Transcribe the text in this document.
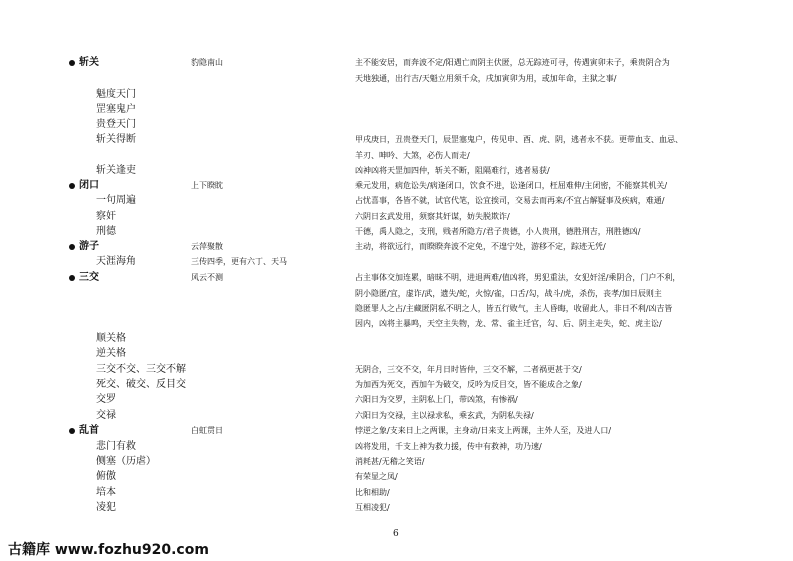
斩关	豹隐南山	主不能安居，而奔波不定/阳遇亡而阴主伏匿，总无踪迹可寻，传遇寅卯未子，乘贵阴合为
天地独通，出行吉/天魁立用须千众，戌加寅卯为用，或加年命，主狱之事/
魁度天门
罡塞鬼户
贵登天门
斩关得断	甲戌庚日，丑贵登天门，辰罡塞鬼户，传见申、酉、虎、阴，逃者永不获。更带血支、血忌、
羊刃、呻吟、大煞，必伤人而走/
斩关逢吏	凶神凶将天罡加四仲，斩关不断，阻隔难行，逃者易获/
闭口	上下睽眈	乘元发用，病危讼失/病逢闭口，饮食不进，讼逢闭口，枉屈难伸/主闭密，不能察其机关/
一句周遍	占忧喜事，各皆不就，试官代笔，讼宜挨司，交易去而再来/不宜占解疑事及疾病，难通/
察奸	六阴日玄武发用，须察其奸谋，妨失脱欺诈/
刑德	干德，禹人隐之，支刑，贱者所隐方/君子贵德，小人贵刑，德胜刑吉，刑胜德凶/
游子	云萍聚散	主动，将欲远行，而睽睽奔波不定免，不遑宁处，游移不定，踪迹无凭/
天涯海角	三传四季，更有六丁、天马
三交	风云不测	占主事体交加连累，暗昧不明，进退两难/值凶将，男犯重法，女犯奸淫/乘阴合，门户不利，
阴小隐匿/宜，虚诈/武，遗失/蛇，火惊/雀，口舌/勾，战斗/虎，杀伤，丧孝/加日辰则主
隐匿罪人之占/主藏匿阴私不明之人，皆五行败气，主人昏晦，收留此人，非日不利/凶吉皆
因内，凶将主暴鸣，天空主失物，龙、常、雀主迁官，勾、后、阴主走失，蛇、虎主讼/
顺关格
逆关格
三交不交、三交不解	无阴合，三交不交，年月日时皆仲，三交不解，二者祸更甚于交/
死交、破交、反目交	为加西为死交，西加午为破交，反吟为反目交，皆不能成合之象/
交罗	六阳日为交罗，主阴私上门，带凶煞，有惨祸/
交禄	六阳日为交禄，主以禄求私，乘玄武，为阴私失禄/
乱首	白虹贯日	悖逆之象/支来日上之两课，主身动/日来支上两课，主外人至，及进人口/
悲门有救	凶将发用，千支上神为救力援，传中有救神，功乃速/
侧塞（历虐）	消耗甚/无稽之笑语/
俯傲	有荣显之凤/
培本	比和相助/
凌犯	互相凌犯/
6
古籍库 www.fozhu920.com
